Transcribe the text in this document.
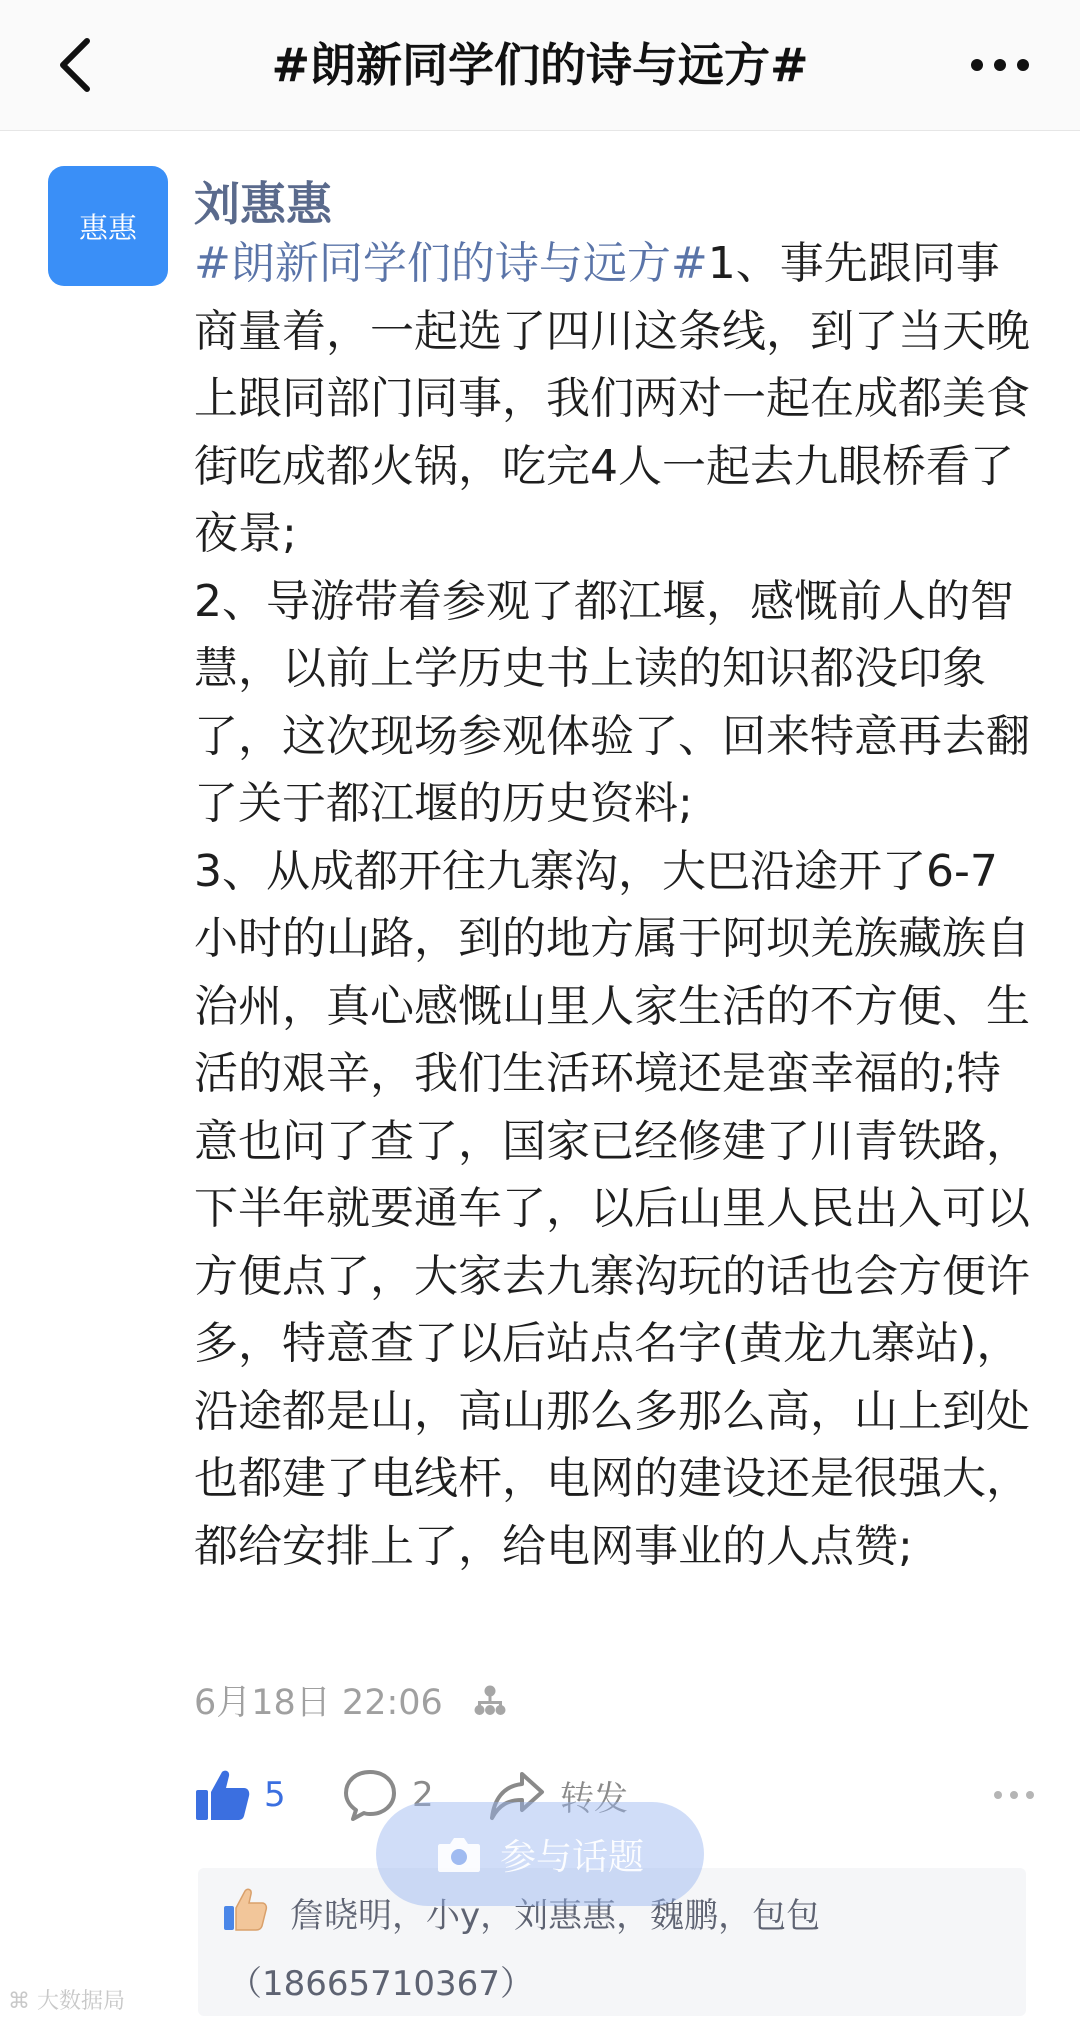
#朗新同学们的诗与远方#
惠惠 刘惠惠
#朗新同学们的诗与远方#1、事先跟同事商量着，一起选了四川这条线，到了当天晚上跟同部门同事，我们两对一起在成都美食街吃成都火锅，吃完4人一起去九眼桥看了夜景;
2、导游带着参观了都江堰，感慨前人的智慧，以前上学历史书上读的知识都没印象了，这次现场参观体验了、回来特意再去翻了关于都江堰的历史资料;
3、从成都开往九寨沟，大巴沿途开了6-7小时的山路，到的地方属于阿坝羌族藏族自治州，真心感慨山里人家生活的不方便、生活的艰辛，我们生活环境还是蛮幸福的;特意也问了查了，国家已经修建了川青铁路，下半年就要通车了，以后山里人民出入可以方便点了，大家去九寨沟玩的话也会方便许多，特意查了以后站点名字(黄龙九寨站)，沿途都是山，高山那么多那么高，山上到处也都建了电线杆，电网的建设还是很强大，都给安排上了，给电网事业的人点赞;
6月18日 22:06
5	2	转发
詹晓明，小y，刘惠惠，魏鹏，包包（18665710367）
参与话题
⌘ 大数据局
